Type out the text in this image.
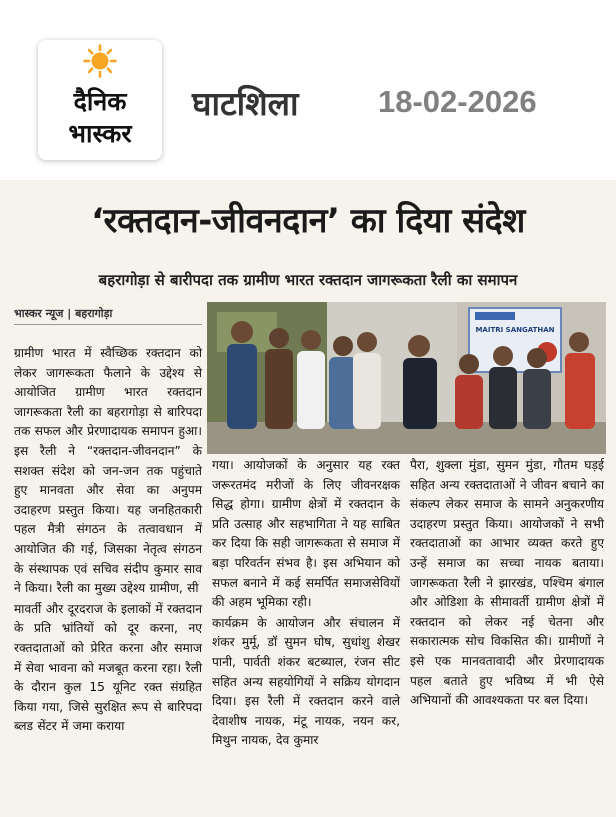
दैनिक
भास्कर
घाटशिला	18-02-2026
‘रक्तदान-जीवनदान’ का दिया संदेश
बहरागोड़ा से बारीपदा तक ग्रामीण भारत रक्तदान जागरूकता रैली का समापन
भास्कर न्यूज | बहरागोड़ा
MAITRI SANGATHAN

ग्रामीण भारत में स्वैच्छिक रक्तदान को लेकर जागरूकता फैलाने के उद्देश्य से आयोजित ग्रामीण भारत रक्तदान जागरूकता रैली का बहरागोड़ा से बारिपदा तक सफल और प्रेरणादायक समापन हुआ। इस रैली ने “रक्तदान-जीवनदान” के सशक्त संदेश को जन-जन तक पहुंचाते हुए मानवता और सेवा का अनुपम उदाहरण प्रस्तुत किया। यह जनहितकारी पहल मैत्री संगठन के तत्वावधान में आयोजित की गई, जिसका नेतृत्व संगठन के संस्थापक एवं सचिव संदीप कुमार साव ने किया। रैली का मुख्य उद्देश्य ग्रामीण, सी

मावर्ती और दूरदराज के इलाकों में रक्तदान के प्रति भ्रांतियों को दूर करना, नए रक्तदाताओं को प्रेरित करना और समाज में सेवा भावना को मजबूत करना रहा। रैली के दौरान कुल 15 यूनिट रक्त संग्रहित किया गया, जिसे सुरक्षित रूप से बारिपदा ब्लड सेंटर में जमा कराया

गया। आयोजकों के अनुसार यह रक्त जरूरतमंद मरीजों के लिए जीवनरक्षक सिद्ध होगा। ग्रामीण क्षेत्रों में रक्तदान के प्रति उत्साह और सहभागिता ने यह साबित कर दिया कि सही जागरूकता से समाज में बड़ा परिवर्तन संभव है। इस अभियान को सफल बनाने में कई समर्पित समाजसेवियों की अहम भूमिका रही।

कार्यक्रम के आयोजन और संचालन में शंकर मुर्मू, डॉ सुमन घोष, सुधांशु शेखर पानी, पार्वती शंकर बटब्याल, रंजन सीट सहित अन्य सहयोगियों ने सक्रिय योगदान दिया। इस रैली में रक्तदान करने वाले देवाशीष नायक, मंटू नायक, नयन कर, मिथुन नायक, देव कुमार

पैरा, शुक्ला मुंडा, सुमन मुंडा, गौतम घड़ई सहित अन्य रक्तदाताओं ने जीवन बचाने का संकल्प लेकर समाज के सामने अनुकरणीय उदाहरण प्रस्तुत किया। आयोजकों ने सभी रक्तदाताओं का आभार व्यक्त करते हुए उन्हें समाज का सच्चा नायक बताया। जागरूकता रैली ने झारखंड, पश्चिम बंगाल और ओडिशा के सीमावर्ती ग्रामीण क्षेत्रों में रक्तदान को लेकर नई चेतना और सकारात्मक सोच विकसित की। ग्रामीणों ने इसे एक मानवतावादी और प्रेरणादायक पहल बताते हुए भविष्य में भी ऐसे अभियानों की आवश्यकता पर बल दिया।
